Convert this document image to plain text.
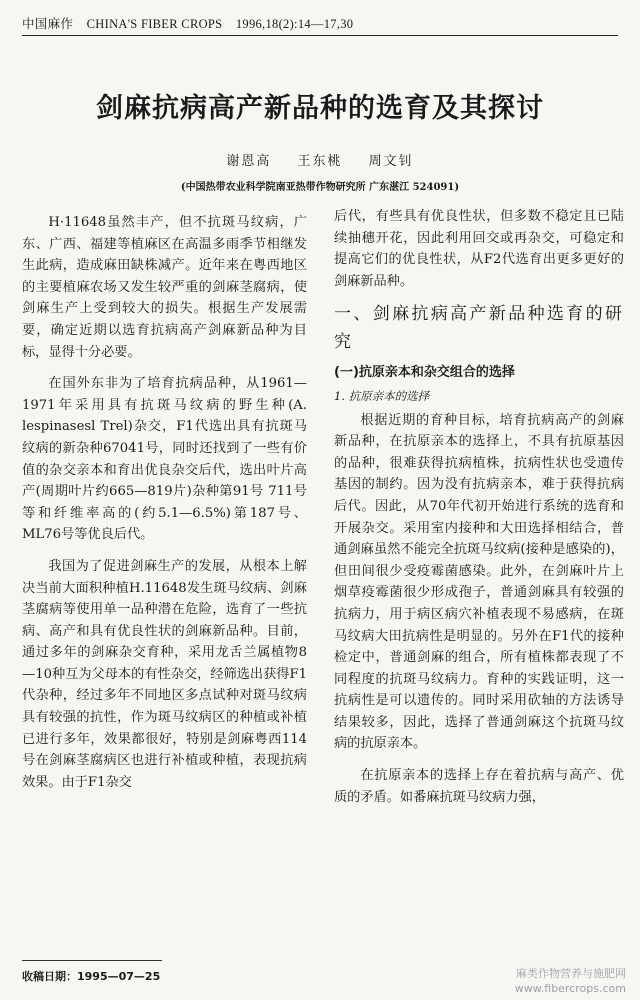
中国麻作 CHINA'S FIBER CROPS 1996,18(2):14—17,30
剑麻抗病高产新品种的选育及其探讨
谢恩高 王东桃 周文钊
(中国热带农业科学院南亚热带作物研究所 广东湛江 524091)

H·11648虽然丰产，但不抗斑马纹病，广东、广西、福建等植麻区在高温多雨季节相继发生此病，造成麻田缺株减产。近年来在粤西地区的主要植麻农场又发生较严重的剑麻茎腐病，使剑麻生产上受到较大的损失。根据生产发展需要，确定近期以选育抗病高产剑麻新品种为目标，显得十分必要。

在国外东非为了培育抗病品种，从1961—1971年采用具有抗斑马纹病的野生种(A. lespinasesl Trel)杂交，F1代选出具有抗斑马纹病的新杂种67041号，同时还找到了一些有价值的杂交亲本和育出优良杂交后代，选出叶片高产(周期叶片约665—819片)杂种第91号 711号等和纤维率高的(约5.1—6.5%)第187号、ML76号等优良后代。

我国为了促进剑麻生产的发展，从根本上解决当前大面积种植H.11648发生斑马纹病、剑麻茎腐病等使用单一品种潜在危险，选育了一些抗病、高产和具有优良性状的剑麻新品种。目前，通过多年的剑麻杂交育种，采用龙舌兰属植物8—10种互为父母本的有性杂交，经筛选出获得F1代杂种，经过多年不同地区多点试种对斑马纹病具有较强的抗性，作为斑马纹病区的种植或补植已进行多年，效果都很好，特别是剑麻粤西114号在剑麻茎腐病区也进行补植或种植，表现抗病效果。由于F1杂交

后代，有些具有优良性状，但多数不稳定且已陆续抽穗开花，因此利用回交或再杂交，可稳定和提高它们的优良性状，从F2代选育出更多更好的剑麻新品种。

一、剑麻抗病高产新品种选育的研究
(一)抗原亲本和杂交组合的选择
1. 抗原亲本的选择

根据近期的育种目标，培育抗病高产的剑麻新品种，在抗原亲本的选择上，不具有抗原基因的品种，很难获得抗病植株，抗病性状也受遗传基因的制约。因为没有抗病亲本，难于获得抗病后代。因此，从70年代初开始进行系统的选育和开展杂交。采用室内接种和大田选择相结合，普通剑麻虽然不能完全抗斑马纹病(接种是感染的)，但田间很少受疫霉菌感染。此外，在剑麻叶片上烟草疫霉菌很少形成孢子，普通剑麻具有较强的抗病力，用于病区病穴补植表现不易感病，在斑马纹病大田抗病性是明显的。另外在F1代的接种检定中，普通剑麻的组合，所有植株都表现了不同程度的抗斑马纹病力。育种的实践证明，这一抗病性是可以遗传的。同时采用砍轴的方法诱导结果较多，因此，选择了普通剑麻这个抗斑马纹病的抗原亲本。

在抗原亲本的选择上存在着抗病与高产、优质的矛盾。如番麻抗斑马纹病力强，

收稿日期：1995—07—25	麻类作物营养与施肥网
www.fibercrops.com
